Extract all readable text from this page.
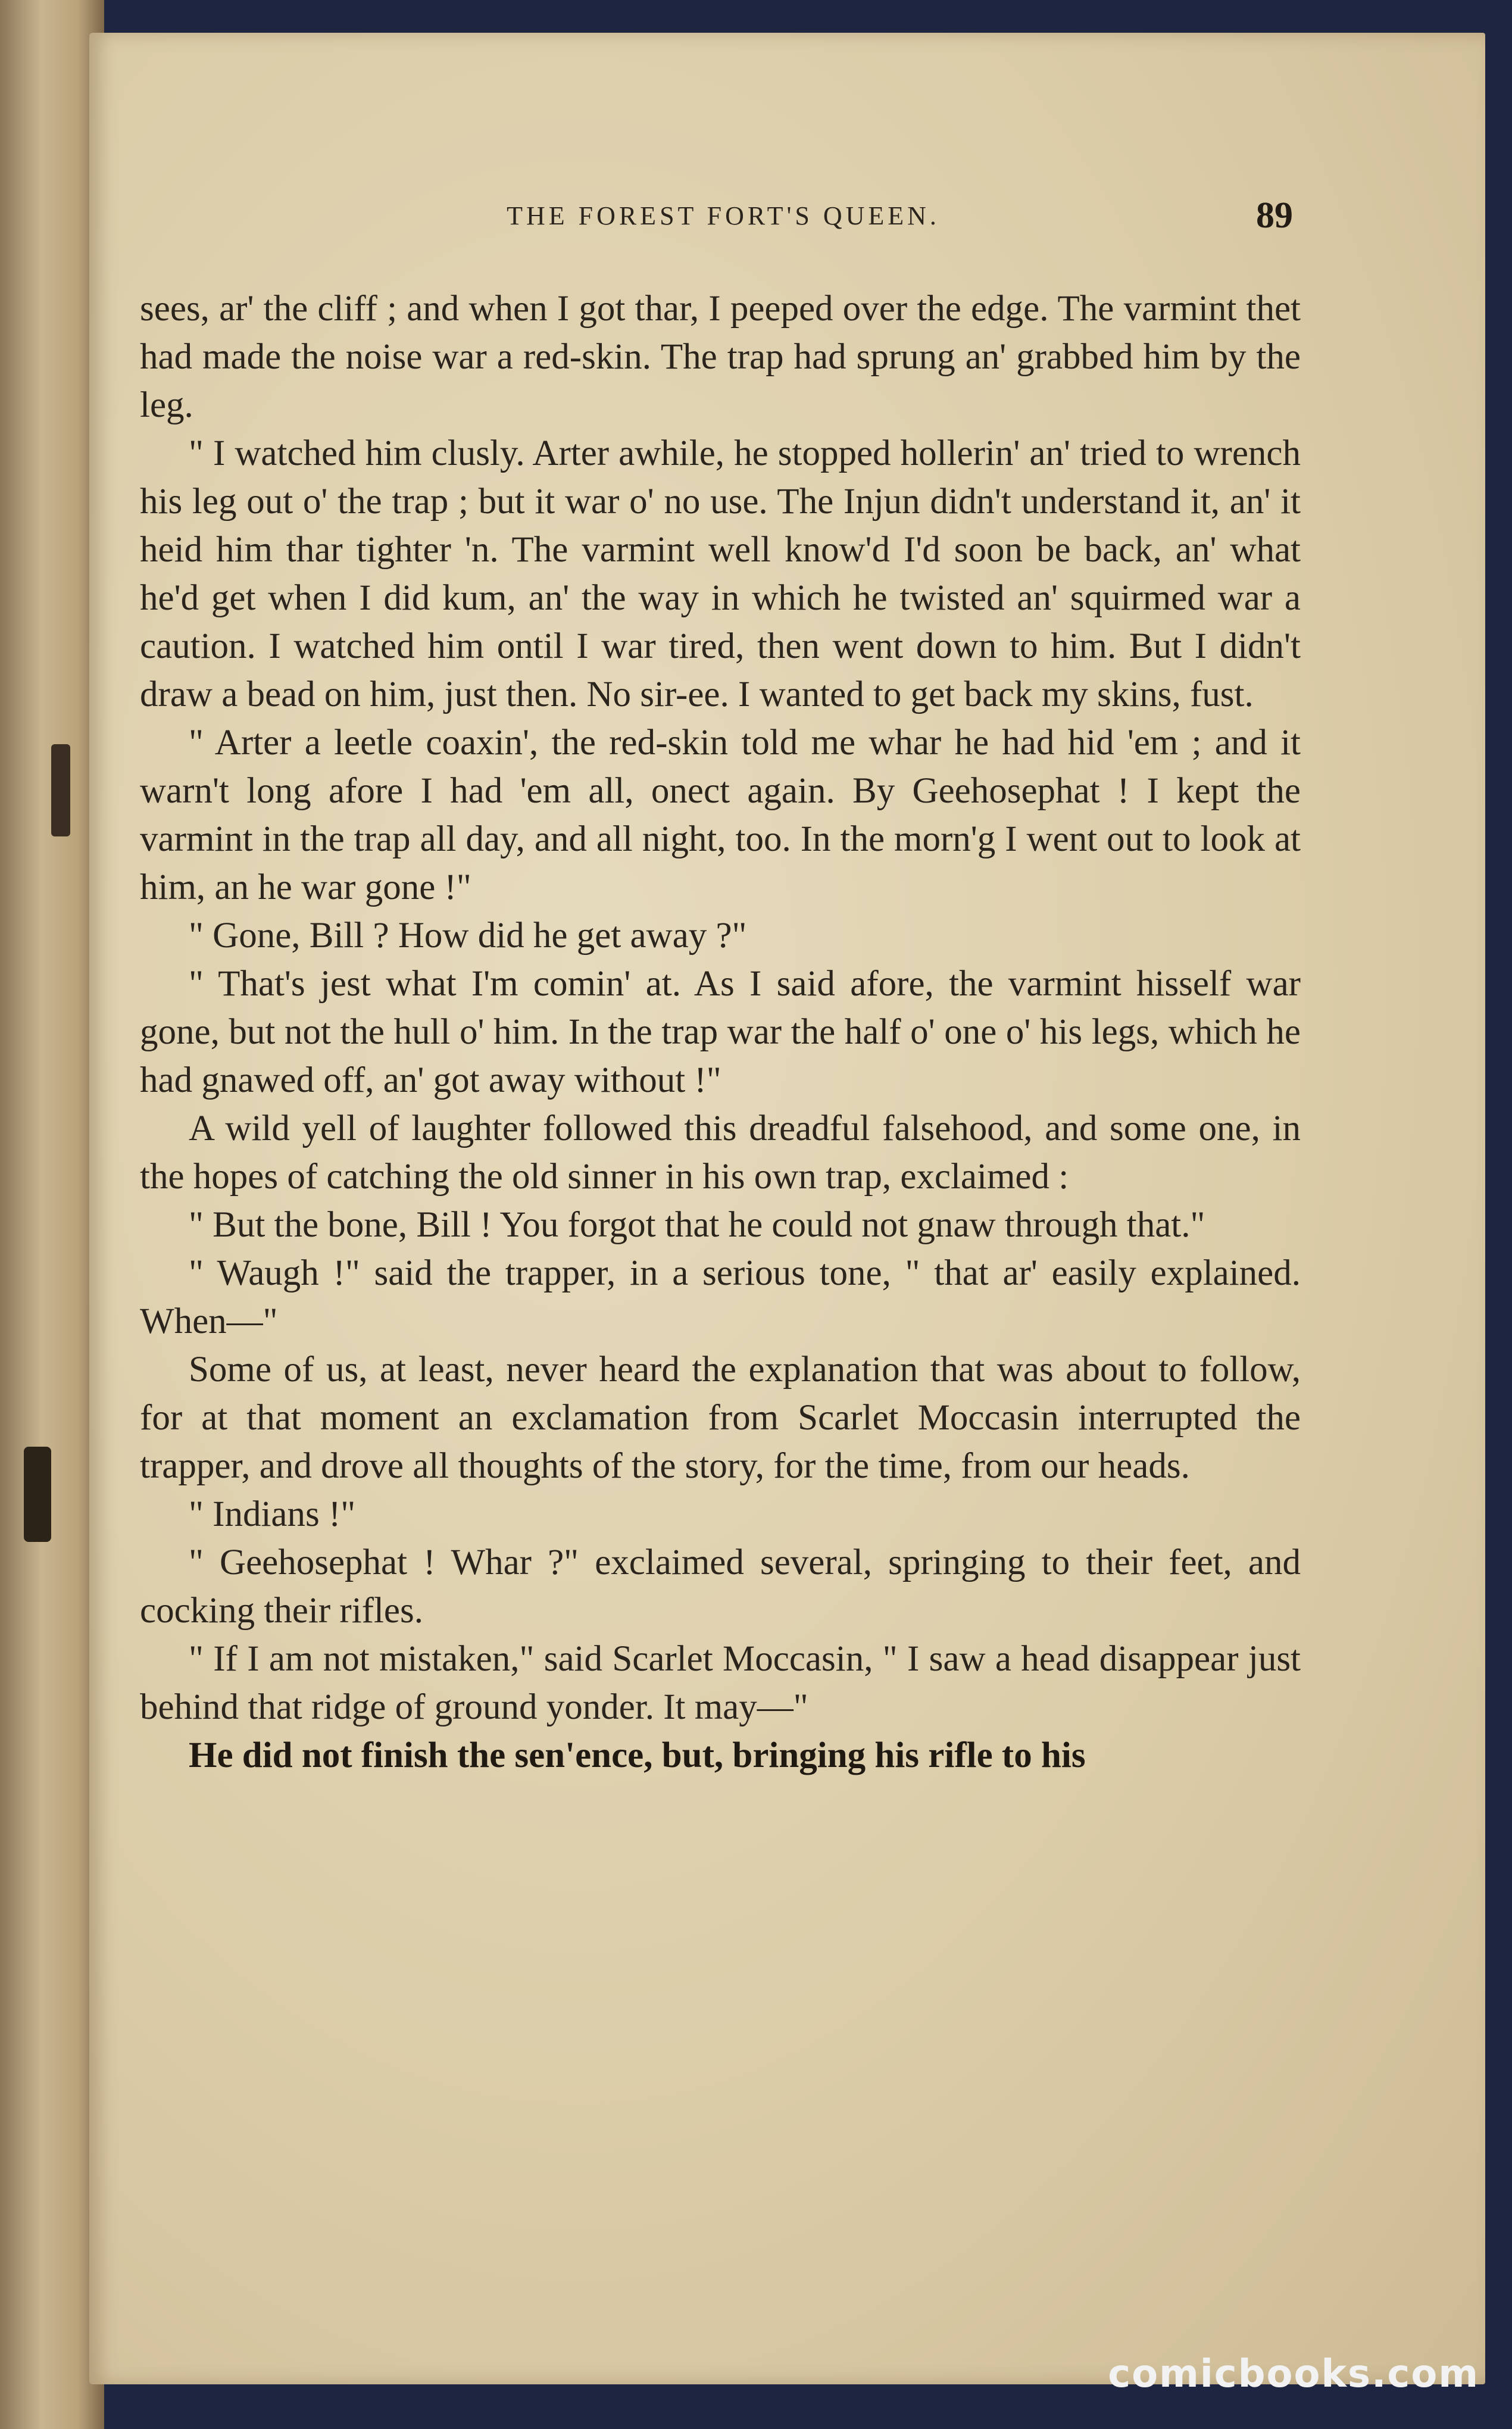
THE FOREST FORT'S QUEEN.	89

sees, ar' the cliff ; and when I got thar, I peeped over the edge. The varmint thet had made the noise war a red-skin. The trap had sprung an' grabbed him by the leg.

" I watched him clusly. Arter awhile, he stopped hollerin' an' tried to wrench his leg out o' the trap ; but it war o' no use. The Injun didn't understand it, an' it heid him thar tighter 'n. The varmint well know'd I'd soon be back, an' what he'd get when I did kum, an' the way in which he twisted an' squirmed war a caution. I watched him ontil I war tired, then went down to him. But I didn't draw a bead on him, just then. No sir-ee. I wanted to get back my skins, fust.

" Arter a leetle coaxin', the red-skin told me whar he had hid 'em ; and it warn't long afore I had 'em all, onect again. By Geehosephat ! I kept the varmint in the trap all day, and all night, too. In the morn'g I went out to look at him, an he war gone !"

" Gone, Bill ? How did he get away ?"

" That's jest what I'm comin' at. As I said afore, the varmint hisself war gone, but not the hull o' him. In the trap war the half o' one o' his legs, which he had gnawed off, an' got away without !"

A wild yell of laughter followed this dreadful falsehood, and some one, in the hopes of catching the old sinner in his own trap, exclaimed :

" But the bone, Bill ! You forgot that he could not gnaw through that."

" Waugh !" said the trapper, in a serious tone, " that ar' easily explained. When—"

Some of us, at least, never heard the explanation that was about to follow, for at that moment an exclamation from Scarlet Moccasin interrupted the trapper, and drove all thoughts of the story, for the time, from our heads.

" Indians !"

" Geehosephat ! Whar ?" exclaimed several, springing to their feet, and cocking their rifles.

" If I am not mistaken," said Scarlet Moccasin, " I saw a head disappear just behind that ridge of ground yonder. It may—"

He did not finish the sen'ence, but, bringing his rifle to his

comicbooks.com
